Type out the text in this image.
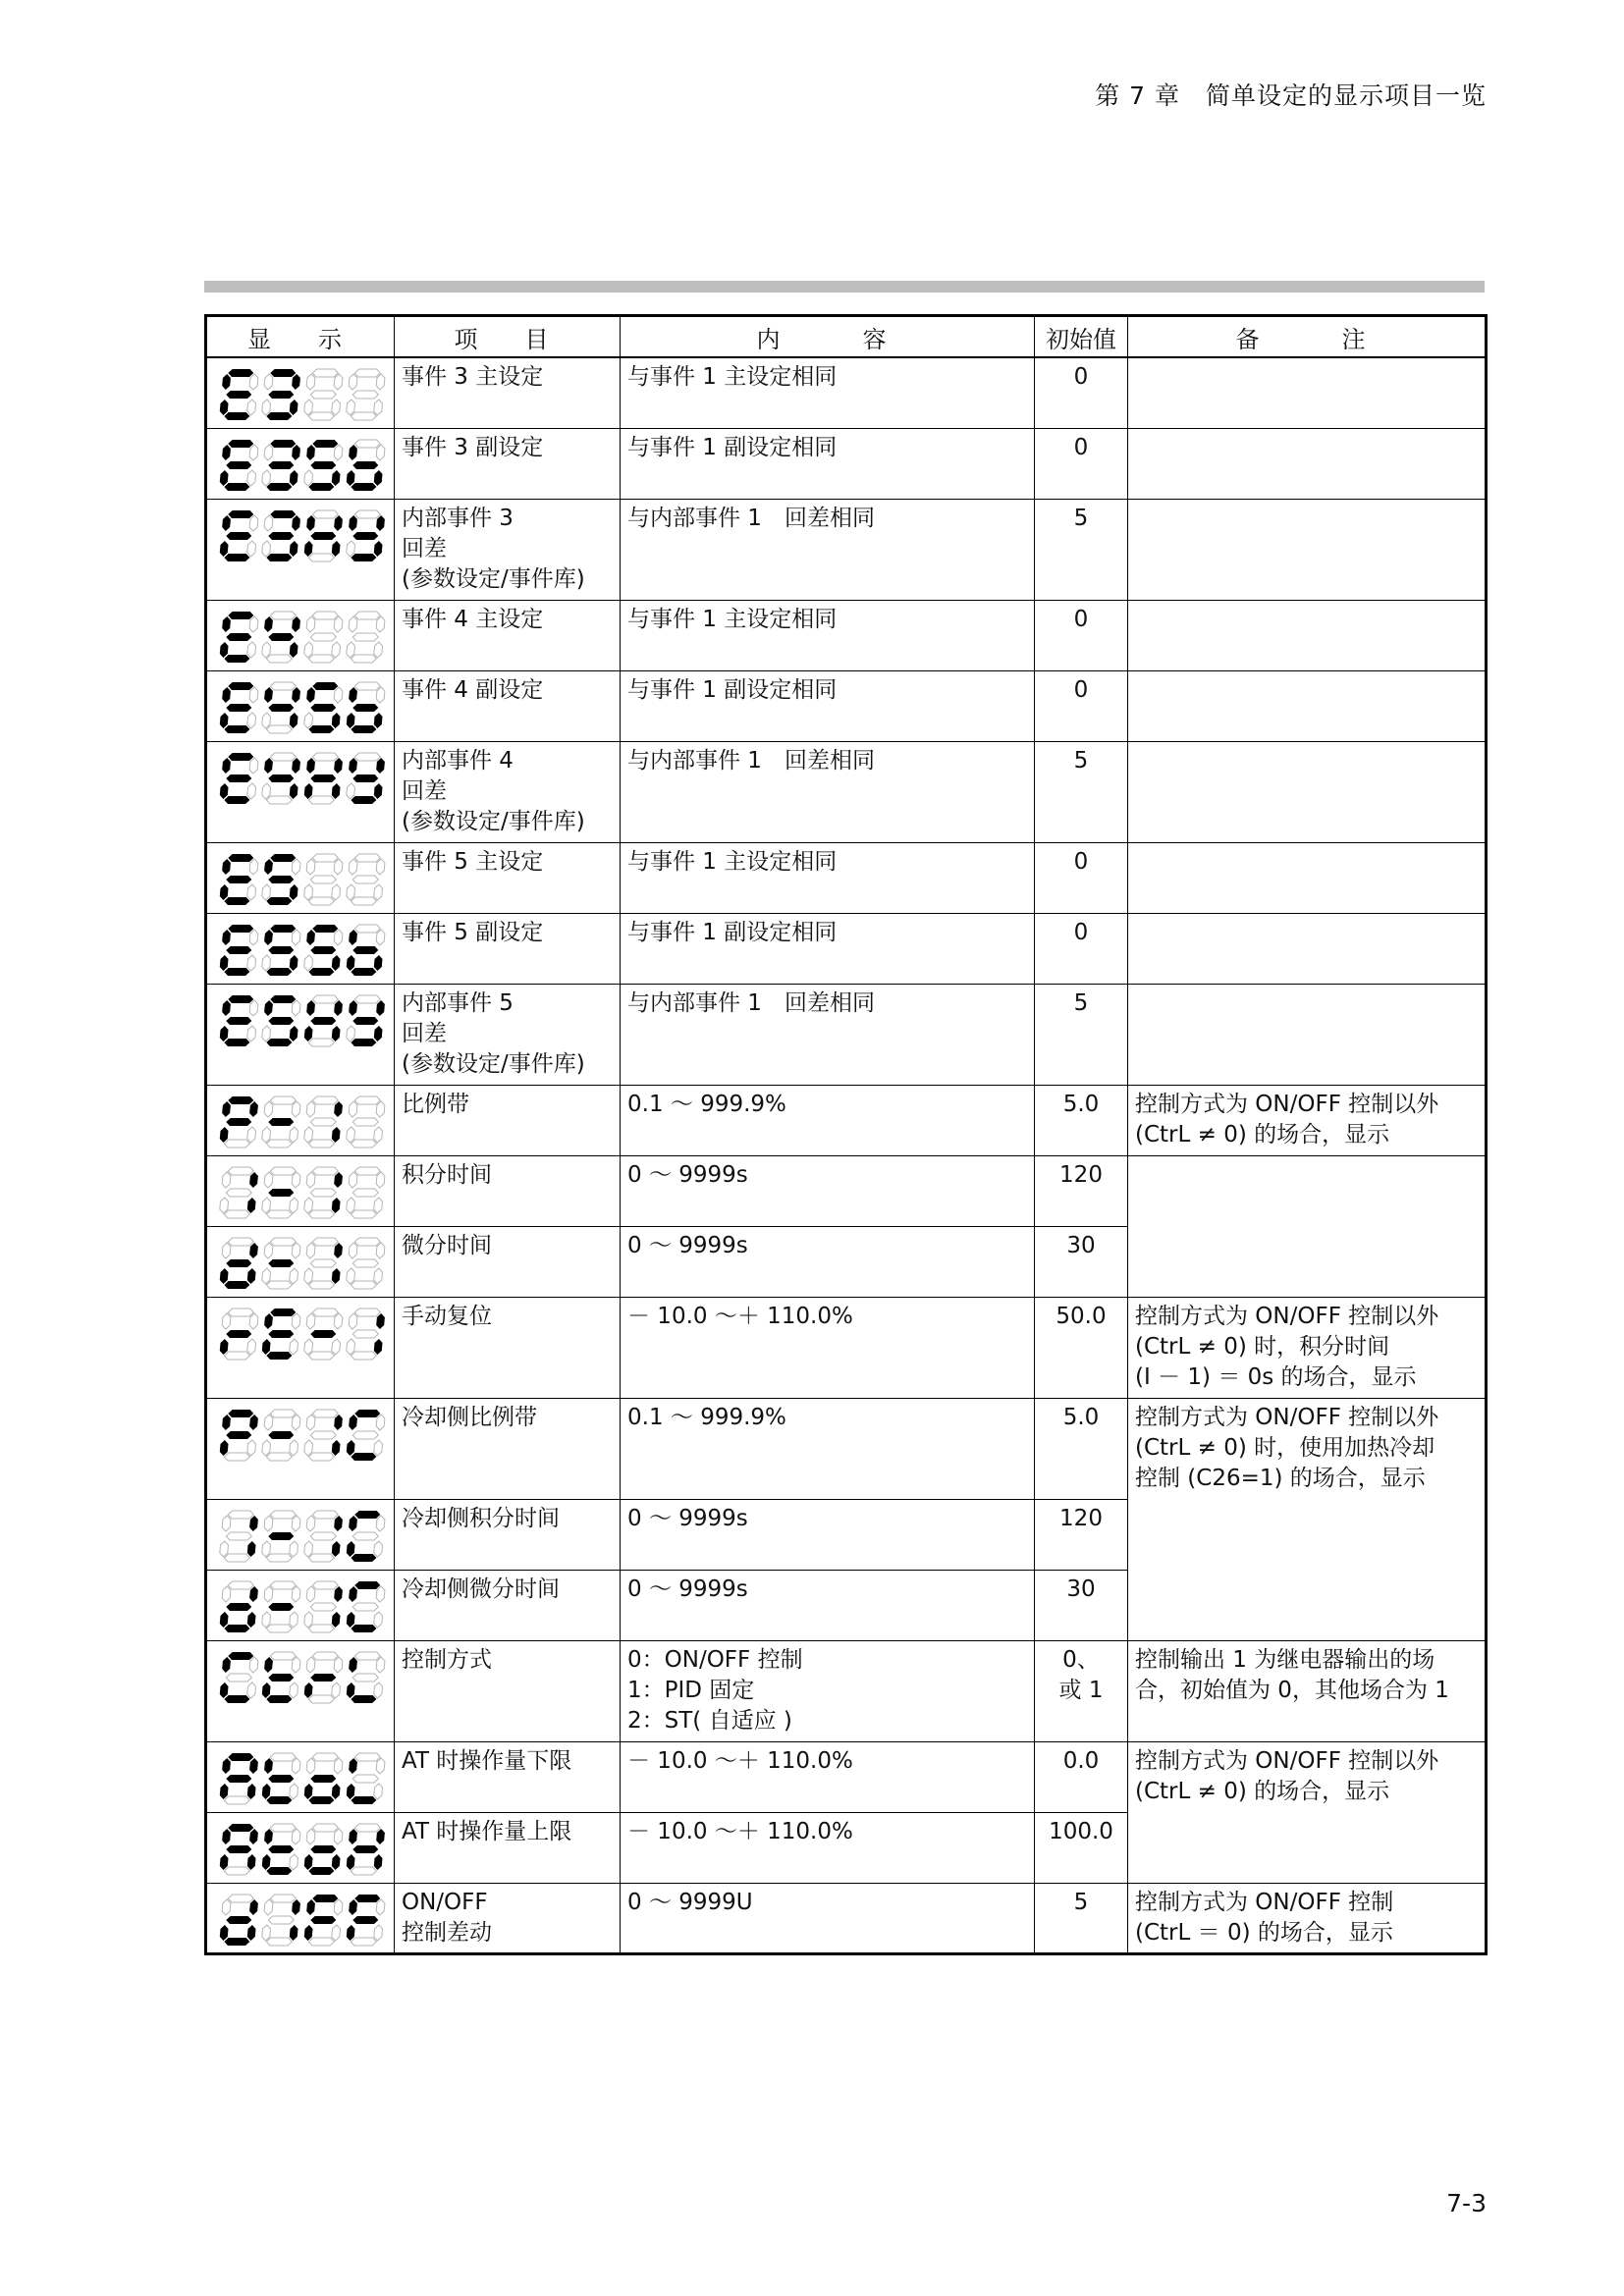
第 7 章　简单设定的显示项目一览
显　示	项　目	内　　容	初始值	备　　注

	事件 3 主设定	与事件 1 主设定相同	0	

	事件 3 副设定	与事件 1 副设定相同	0	

	内部事件 3
回差
(参数设定/事件库)	与内部事件 1　回差相同	5	

	事件 4 主设定	与事件 1 主设定相同	0	

	事件 4 副设定	与事件 1 副设定相同	0	

	内部事件 4
回差
(参数设定/事件库)	与内部事件 1　回差相同	5	

	事件 5 主设定	与事件 1 主设定相同	0	

	事件 5 副设定	与事件 1 副设定相同	0	

	内部事件 5
回差
(参数设定/事件库)	与内部事件 1　回差相同	5	

	比例带	0.1 ～ 999.9%	5.0	控制方式为 ON/OFF 控制以外
(CtrL ≠ 0) 的场合，显示

	积分时间	0 ～ 9999s	120	

	微分时间	0 ～ 9999s	30	

	手动复位	－ 10.0 ～＋ 110.0%	50.0	控制方式为 ON/OFF 控制以外
(CtrL ≠ 0) 时，积分时间
(I － 1) ＝ 0s 的场合，显示

	冷却侧比例带	0.1 ～ 999.9%	5.0	控制方式为 ON/OFF 控制以外
(CtrL ≠ 0) 时，使用加热冷却
控制 (C26=1) 的场合，显示

	冷却侧积分时间	0 ～ 9999s	120	

	冷却侧微分时间	0 ～ 9999s	30	

	控制方式	0：ON/OFF 控制
1：PID 固定
2：ST( 自适应 )	0、
或 1	控制输出 1 为继电器输出的场
合，初始值为 0，其他场合为 1

	AT 时操作量下限	－ 10.0 ～＋ 110.0%	0.0	控制方式为 ON/OFF 控制以外
(CtrL ≠ 0) 的场合，显示

	AT 时操作量上限	－ 10.0 ～＋ 110.0%	100.0	

	ON/OFF
控制差动	0 ～ 9999U	5	控制方式为 ON/OFF 控制
(CtrL ＝ 0) 的场合，显示
7-3
